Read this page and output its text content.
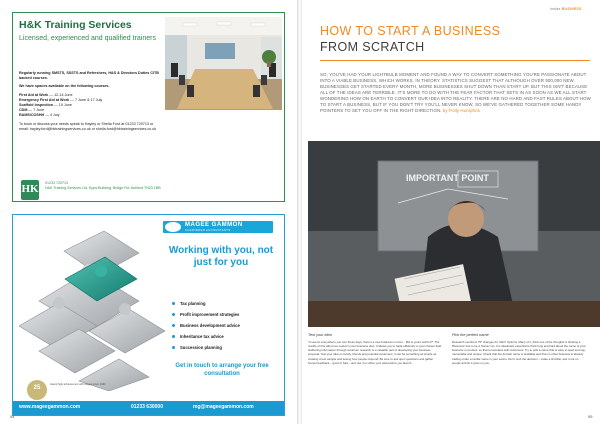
H&K Training Services
Licensed, experienced and qualified trainers

Regularly running SMSTS, SSSTS and Refreshers, H&S & Directors Duties CITB backed courses.

We have spaces available on the following courses.

First Aid at Work — 12-14 June
Emergency First Aid at Work — 7 June & 17 July
Scaffold Inspection — 10 June
CDM — 7 June
RAMS/COSHH — 4 July

To book or discuss your needs speak to Hayley or Sheila Ford at 01233 720713 or email: hayley.ford@hktrainingservices.co.uk or sheila.ford@hktrainingservices.co.uk

HK 01233 720713
H&K Training Services Ltd, Epps Building, Bridge Rd, Ashford TN23 1BB
MAGEE GAMMON
CHARTERED ACCOUNTANTS
Working with you, not just for you
Tax planning
Profit improvement strategies
Business development advice
Inheritance tax advice
Succession planning
Get in touch to arrange your free consultation
25
Award high achievement with Magee since 1993
www.mageegammon.com	01233 630000	mg@mageegammon.com
94
inside BUSINESS
HOW TO START A BUSINESS
FROM SCRATCH
SO, YOU'VE HAD YOUR LIGHTBULB MOMENT AND FOUND A WAY TO CONVERT SOMETHING YOU'RE PASSIONATE ABOUT INTO A VIABLE BUSINESS, WHICH WORKS. IN THEORY. STATISTICS SUGGEST THAT ALTHOUGH OVER 500,000 NEW BUSINESSES GET STARTED EVERY MONTH, MORE BUSINESSES SHUT DOWN THAN START UP. BUT THIS ISN'T BECAUSE ALL OF THE IDEAS ARE TERRIBLE. IT'S MORE TO DO WITH THE FEAR FACTOR THAT SETS IN AS SOON AS WE ALL START WONDERING HOW ON EARTH TO CONVERT OUR IDEA INTO REALITY. THERE ARE NO HARD AND FAST RULES ABOUT HOW TO START A BUSINESS, BUT IF YOU DON'T TRY YOU'LL NEVER KNOW, SO WE'VE GATHERED TOGETHER SOME HANDY POINTERS TO SET YOU OFF IN THE RIGHT DIRECTION. by Polly Humphris
IMPORTANT POINT
Test your idea
"It seems everywhere you turn these days, there's a new business in town... But is yours worth it?" The results of this will prove useful in your business plan. It allows you to trade efficiently in your chosen field. Gathering information through customer research is a valuable part of developing your business proposal. Test your idea on family, friends and potential customers. It can be something as simple as creating a test sample and seeing how people respond. Be sure to ask open questions and gather honest feedback – good or bad – and use it to refine your idea before you launch.
Pick the perfect name
Research mentions 75* changes for 'CEO' Options. Many of it, think one of the thoughts is thinking a 'Business' has to be a 'Name' too. It is absolutely essential to think long and hard about the name of your business or product, so that it resonates with customers. Try to pick a name that is easy to spell and say, memorable and unique. Check that the domain name is available and that no other business is already trading under a similar name in your sector. Don't rush the decision – make a shortlist, test it out on people and let it grow on you.
95
